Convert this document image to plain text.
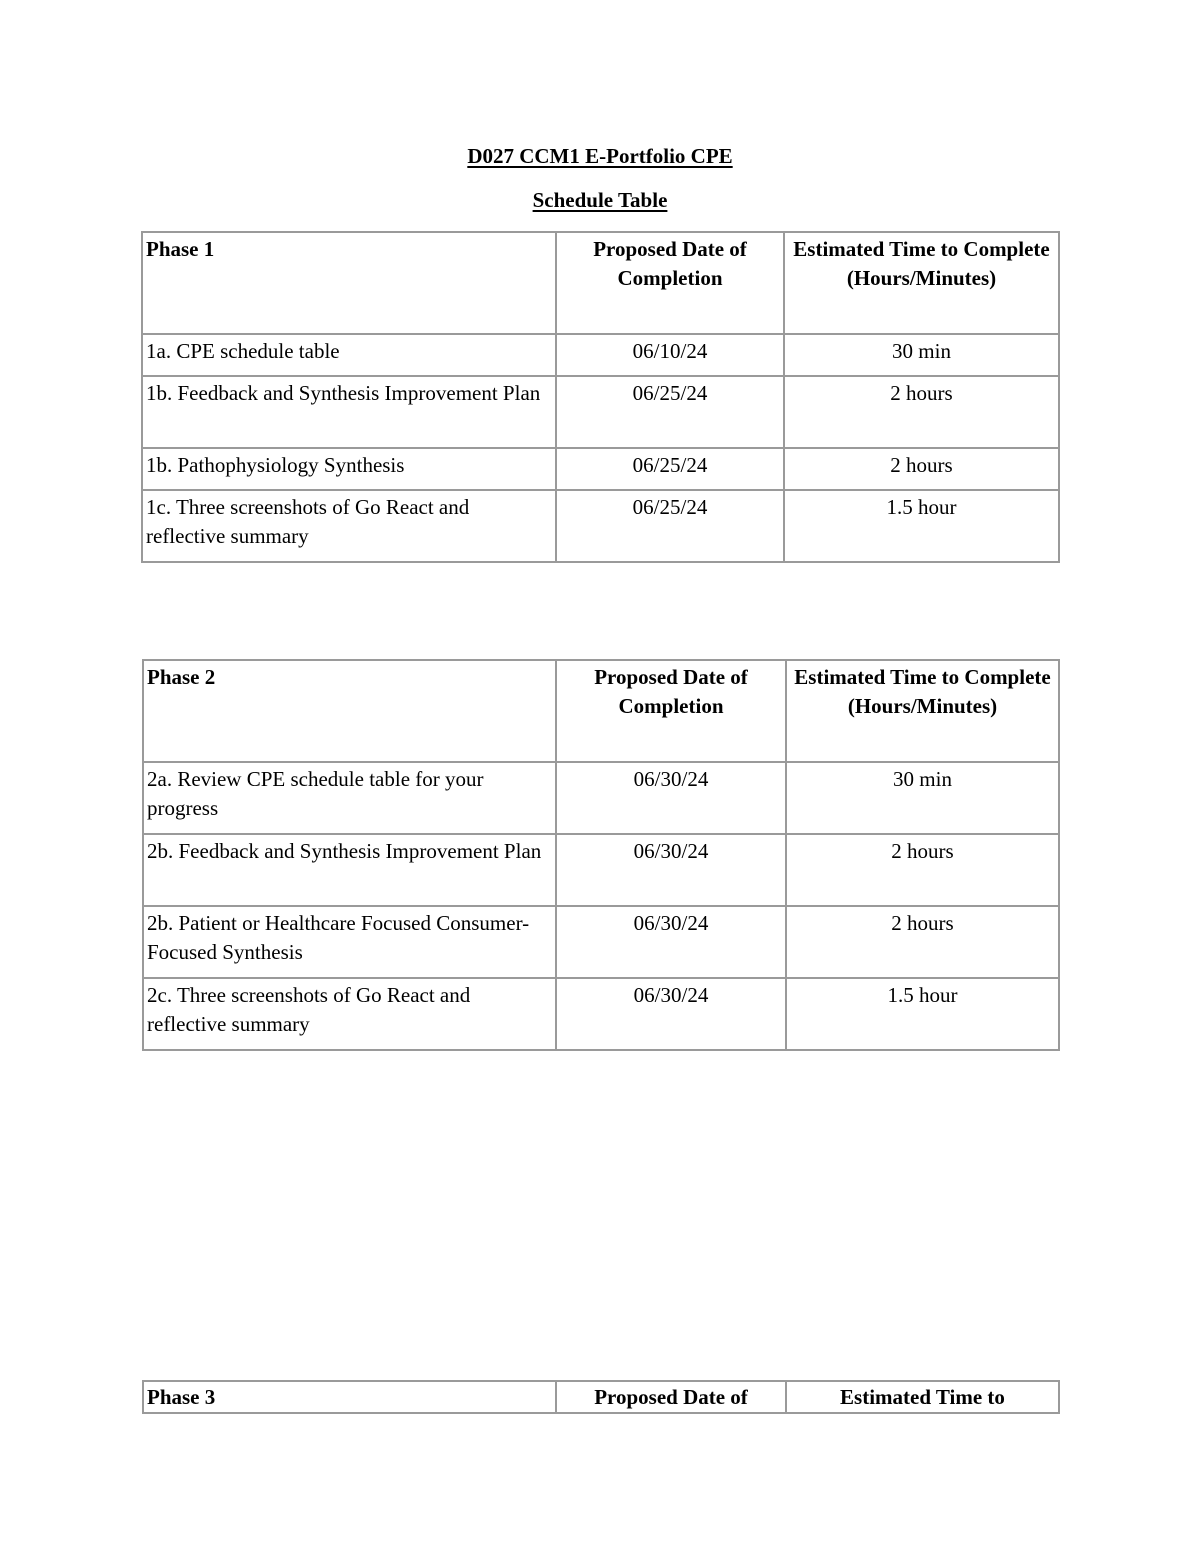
D027 CCM1 E-Portfolio CPE
Schedule Table
Phase 1	Proposed Date of Completion	Estimated Time to Complete (Hours/Minutes)
1a. CPE schedule table	06/10/24	30 min
1b. Feedback and Synthesis Improvement Plan	06/25/24	2 hours
1b. Pathophysiology Synthesis	06/25/24	2 hours
1c. Three screenshots of Go React and reflective summary	06/25/24	1.5 hour
Phase 2	Proposed Date of Completion	Estimated Time to Complete (Hours/Minutes)
2a. Review CPE schedule table for your progress	06/30/24	30 min
2b. Feedback and Synthesis Improvement Plan	06/30/24	2 hours
2b. Patient or Healthcare Focused Consumer-Focused Synthesis	06/30/24	2 hours
2c. Three screenshots of Go React and reflective summary	06/30/24	1.5 hour
Phase 3	Proposed Date of	Estimated Time to
